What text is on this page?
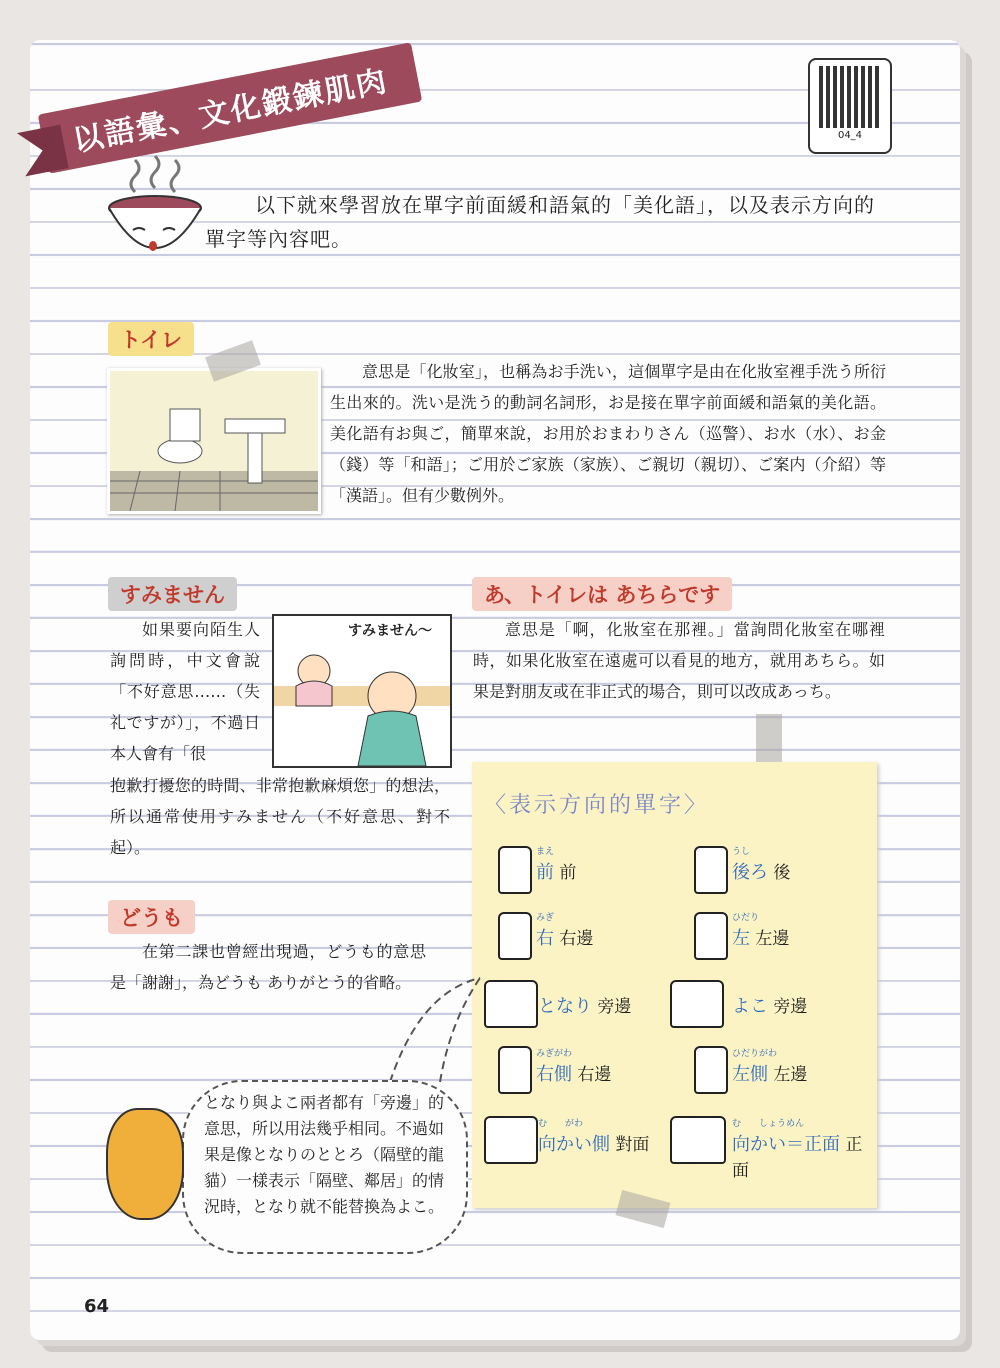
以語彙、文化鍛鍊肌肉	04_4
以下就來學習放在單字前面緩和語氣的「美化語」，以及表示方向的單字等內容吧。
トイレ
意思是「化妝室」，也稱為お手洗い，這個單字是由在化妝室裡手洗う所衍生出來的。洗い是洗う的動詞名詞形，お是接在單字前面緩和語氣的美化語。美化語有お與ご，簡單來說，お用於おまわりさん（巡警）、お水（水）、お金（錢）等「和語」；ご用於ご家族（家族）、ご親切（親切）、ご案内（介紹）等「漢語」。但有少數例外。
すみません
如果要向陌生人詢問時，中文會說「不好意思……（失礼ですが）」，不過日本人會有「很
すみません～
抱歉打擾您的時間、非常抱歉麻煩您」的想法，所以通常使用すみません（不好意思、對不起）。
あ、トイレは あちらです
意思是「啊，化妝室在那裡。」當詢問化妝室在哪裡時，如果化妝室在遠處可以看見的地方，就用あちら。如果是對朋友或在非正式的場合，則可以改成あっち。
どうも
在第二課也曾經出現過，どうも的意思是「謝謝」，為どうも ありがとう的省略。
〈表示方向的單字〉
まえ
前 前
うし
後ろ 後
みぎ
右 右邊
ひだり
左 左邊
となり 旁邊	よこ 旁邊
みぎがわ
右側 右邊
ひだりがわ
左側 左邊
む　　がわ
向かい側 對面
む　　しょうめん
向かい＝正面 正面
となり與よこ兩者都有「旁邊」的意思，所以用法幾乎相同。不過如果是像となりのととろ（隔壁的龍貓）一樣表示「隔壁、鄰居」的情況時，となり就不能替換為よこ。
64
